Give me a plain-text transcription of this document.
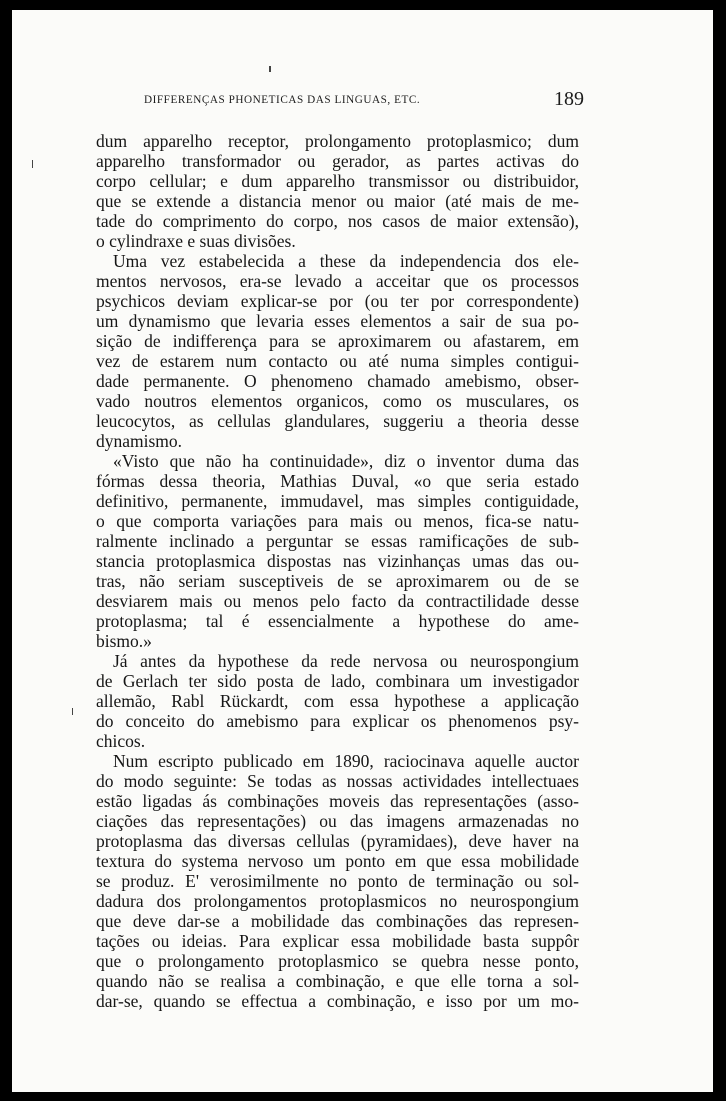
DIFFERENÇAS PHONETICAS DAS LINGUAS, ETC.	189
dum apparelho receptor, prolongamento protoplasmico; dum
apparelho transformador ou gerador, as partes activas do
corpo cellular; e dum apparelho transmissor ou distribuidor,
que se extende a distancia menor ou maior (até mais de me-
tade do comprimento do corpo, nos casos de maior extensão),
o cylindraxe e suas divisões.
Uma vez estabelecida a these da independencia dos ele-
mentos nervosos, era-se levado a acceitar que os processos
psychicos deviam explicar-se por (ou ter por correspondente)
um dynamismo que levaria esses elementos a sair de sua po-
sição de indifferença para se aproximarem ou afastarem, em
vez de estarem num contacto ou até numa simples contigui-
dade permanente. O phenomeno chamado amebismo, obser-
vado noutros elementos organicos, como os musculares, os
leucocytos, as cellulas glandulares, suggeriu a theoria desse
dynamismo.
«Visto que não ha continuidade», diz o inventor duma das
fórmas dessa theoria, Mathias Duval, «o que seria estado
definitivo, permanente, immudavel, mas simples contiguidade,
o que comporta variações para mais ou menos, fica-se natu-
ralmente inclinado a perguntar se essas ramificações de sub-
stancia protoplasmica dispostas nas vizinhanças umas das ou-
tras, não seriam susceptiveis de se aproximarem ou de se
desviarem mais ou menos pelo facto da contractilidade desse
protoplasma; tal é essencialmente a hypothese do ame-
bismo.»
Já antes da hypothese da rede nervosa ou neurospongium
de Gerlach ter sido posta de lado, combinara um investigador
allemão, Rabl Rückardt, com essa hypothese a applicação
do conceito do amebismo para explicar os phenomenos psy-
chicos.
Num escripto publicado em 1890, raciocinava aquelle auctor
do modo seguinte: Se todas as nossas actividades intellectuaes
estão ligadas ás combinações moveis das representações (asso-
ciações das representações) ou das imagens armazenadas no
protoplasma das diversas cellulas (pyramidaes), deve haver na
textura do systema nervoso um ponto em que essa mobilidade
se produz. E' verosimilmente no ponto de terminação ou sol-
dadura dos prolongamentos protoplasmicos no neurospongium
que deve dar-se a mobilidade das combinações das represen-
tações ou ideias. Para explicar essa mobilidade basta suppôr
que o prolongamento protoplasmico se quebra nesse ponto,
quando não se realisa a combinação, e que elle torna a sol-
dar-se, quando se effectua a combinação, e isso por um mo-
